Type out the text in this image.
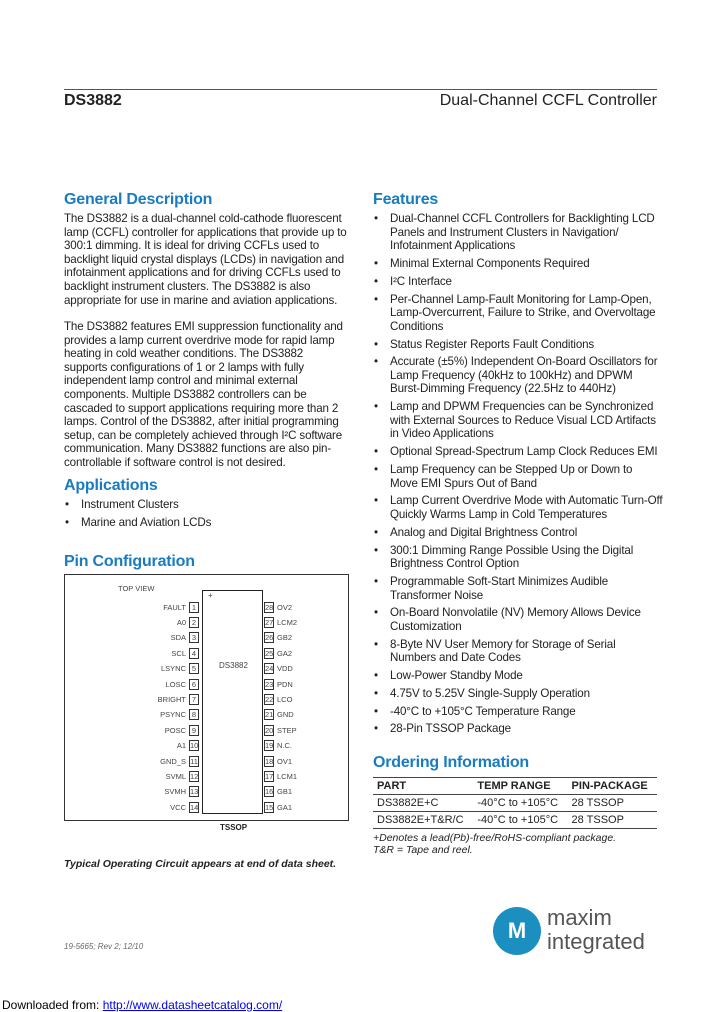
DS3882	Dual-Channel CCFL Controller
General Description

The DS3882 is a dual-channel cold-cathode fluorescent lamp (CCFL) controller for applications that provide up to 300:1 dimming. It is ideal for driving CCFLs used to backlight liquid crystal displays (LCDs) in navigation and infotainment applications and for driving CCFLs used to backlight instrument clusters. The DS3882 is also appropriate for use in marine and aviation applications.

The DS3882 features EMI suppression functionality and provides a lamp current overdrive mode for rapid lamp heating in cold weather conditions. The DS3882 supports configurations of 1 or 2 lamps with fully independent lamp control and minimal external components. Multiple DS3882 controllers can be cascaded to support applications requiring more than 2 lamps. Control of the DS3882, after initial programming setup, can be completely achieved through I²C software communication. Many DS3882 functions are also pin-controllable if software control is not desired.

Applications
• Instrument Clusters
• Marine and Aviation LCDs
Pin Configuration
TOP VIEW
+
DS3882
TSSOP
FAULT 1
A0 2
SDA 3
SCL 4
LSYNC 5
LOSC 6
BRIGHT 7
PSYNC 8
POSC 9
A1 10
GND_S 11
SVML 12
SVMH 13
VCC 14
28 OV2
27 LCM2
26 GB2
25 GA2
24 VDD
23 PDN
22 LCO
21 GND
20 STEP
19 N.C.
18 OV1
17 LCM1
16 GB1
15 GA1
Typical Operating Circuit appears at end of data sheet.
Features
• Dual-Channel CCFL Controllers for Backlighting LCD Panels and Instrument Clusters in Navigation/ Infotainment Applications
• Minimal External Components Required
• I²C Interface
• Per-Channel Lamp-Fault Monitoring for Lamp-Open, Lamp-Overcurrent, Failure to Strike, and Overvoltage Conditions
• Status Register Reports Fault Conditions
• Accurate (±5%) Independent On-Board Oscillators for Lamp Frequency (40kHz to 100kHz) and DPWM Burst-Dimming Frequency (22.5Hz to 440Hz)
• Lamp and DPWM Frequencies can be Synchronized with External Sources to Reduce Visual LCD Artifacts in Video Applications
• Optional Spread-Spectrum Lamp Clock Reduces EMI
• Lamp Frequency can be Stepped Up or Down to Move EMI Spurs Out of Band
• Lamp Current Overdrive Mode with Automatic Turn-Off Quickly Warms Lamp in Cold Temperatures
• Analog and Digital Brightness Control
• 300:1 Dimming Range Possible Using the Digital Brightness Control Option
• Programmable Soft-Start Minimizes Audible Transformer Noise
• On-Board Nonvolatile (NV) Memory Allows Device Customization
• 8-Byte NV User Memory for Storage of Serial Numbers and Date Codes
• Low-Power Standby Mode
• 4.75V to 5.25V Single-Supply Operation
• -40°C to +105°C Temperature Range
• 28-Pin TSSOP Package
Ordering Information
PART	TEMP RANGE	PIN-PACKAGE
DS3882E+C	-40°C to +105°C	28 TSSOP
DS3882E+T&R/C	-40°C to +105°C	28 TSSOP
+Denotes a lead(Pb)-free/RoHS-compliant package.
T&R = Tape and reel.
19-5665; Rev 2; 12/10
M
maxim
integrated
Downloaded from: http://www.datasheetcatalog.com/
